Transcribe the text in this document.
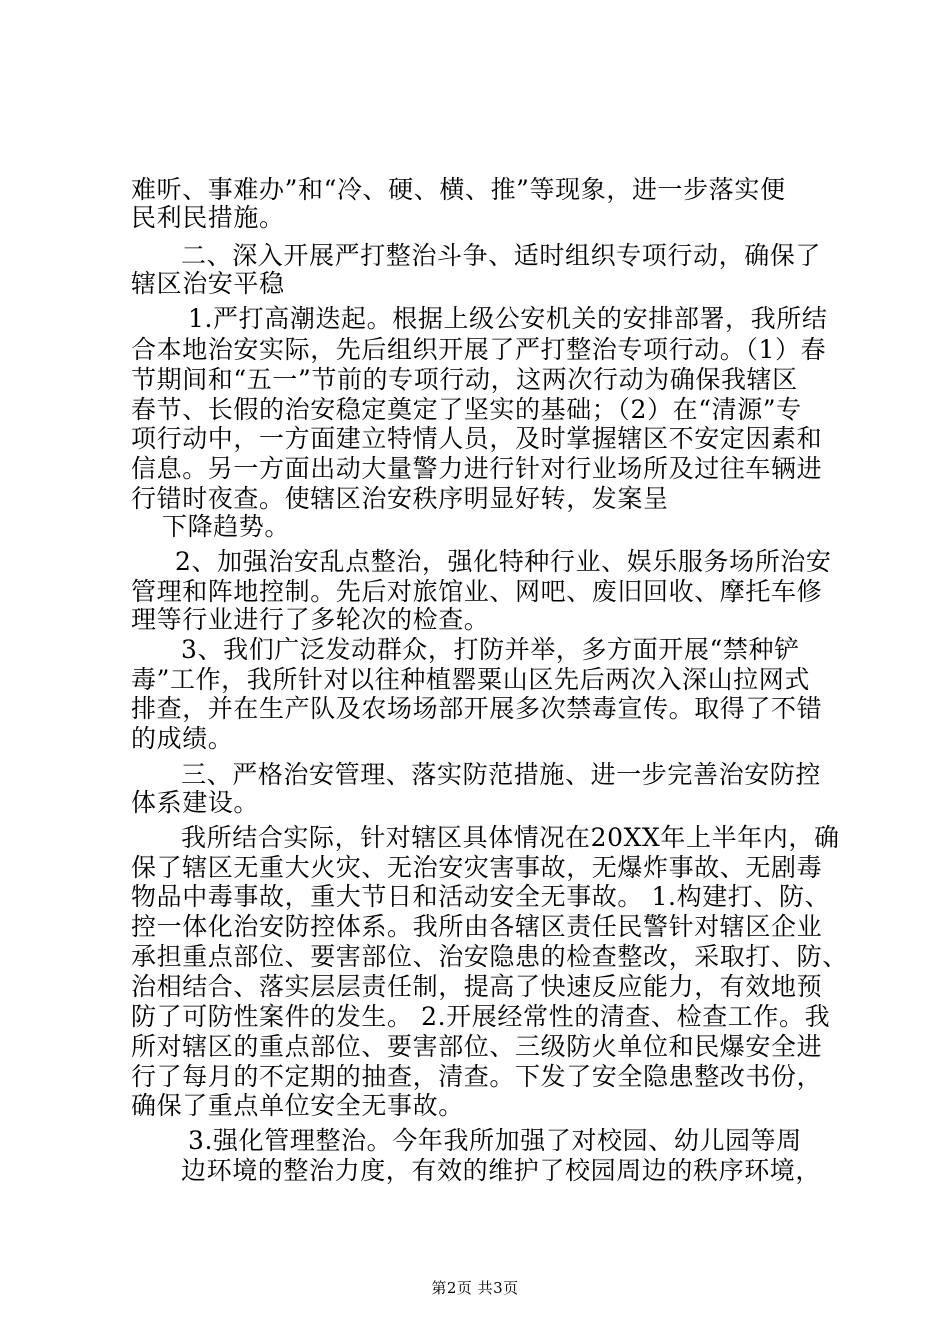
难听、事难办”和“冷、硬、横、推”等现象，进一步落实便
民利民措施。
二、深入开展严打整治斗争、适时组织专项行动，确保了
辖区治安平稳
1.严打高潮迭起。根据上级公安机关的安排部署，我所结
合本地治安实际，先后组织开展了严打整治专项行动。（1）春
节期间和“五一”节前的专项行动，这两次行动为确保我辖区
春节、长假的治安稳定奠定了坚实的基础；（2）在“清源”专
项行动中，一方面建立特情人员，及时掌握辖区不安定因素和
信息。另一方面出动大量警力进行针对行业场所及过往车辆进
行错时夜查。使辖区治安秩序明显好转，发案呈
下降趋势。
2、加强治安乱点整治，强化特种行业、娱乐服务场所治安
管理和阵地控制。先后对旅馆业、网吧、废旧回收、摩托车修
理等行业进行了多轮次的检查。
3、我们广泛发动群众，打防并举，多方面开展“禁种铲
毒”工作，我所针对以往种植罂粟山区先后两次入深山拉网式
排查，并在生产队及农场场部开展多次禁毒宣传。取得了不错
的成绩。
三、严格治安管理、落实防范措施、进一步完善治安防控
体系建设。
我所结合实际，针对辖区具体情况在20XX年上半年内，确
保了辖区无重大火灾、无治安灾害事故，无爆炸事故、无剧毒
物品中毒事故，重大节日和活动安全无事故。 1.构建打、防、
控一体化治安防控体系。我所由各辖区责任民警针对辖区企业
承担重点部位、要害部位、治安隐患的检查整改，采取打、防、
治相结合、落实层层责任制，提高了快速反应能力，有效地预
防了可防性案件的发生。 2.开展经常性的清查、检查工作。我
所对辖区的重点部位、要害部位、三级防火单位和民爆安全进
行了每月的不定期的抽查，清查。下发了安全隐患整改书份，
确保了重点单位安全无事故。
3.强化管理整治。今年我所加强了对校园、幼儿园等周
边环境的整治力度，有效的维护了校园周边的秩序环境，
第2页 共3页
